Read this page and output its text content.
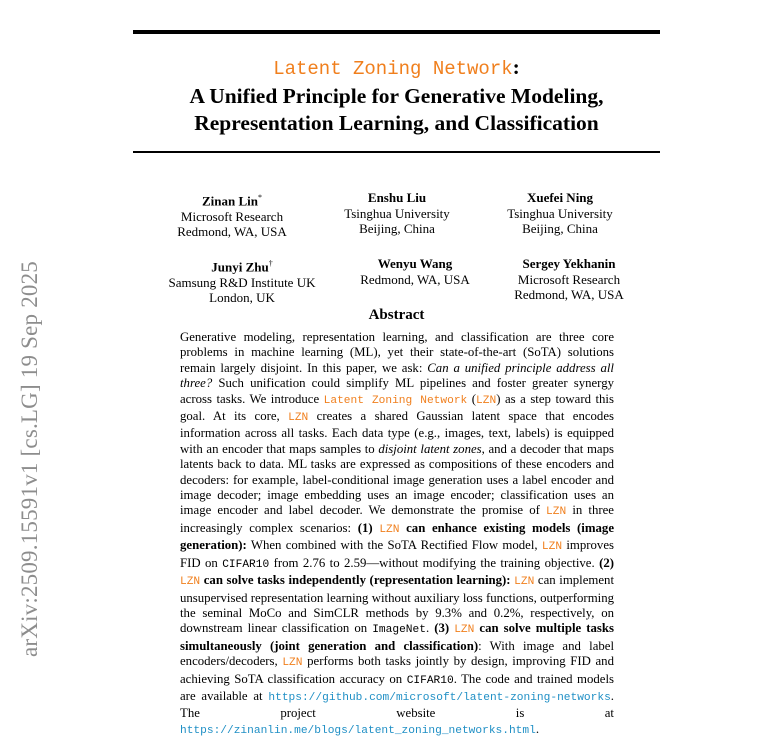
arXiv:2509.15591v1 [cs.LG] 19 Sep 2025
Latent Zoning Network:
A Unified Principle for Generative Modeling,
Representation Learning, and Classification
Zinan Lin*
Microsoft Research
Redmond, WA, USA
Enshu Liu
Tsinghua University
Beijing, China
Xuefei Ning
Tsinghua University
Beijing, China
Junyi Zhu†
Samsung R&D Institute UK
London, UK
Wenyu Wang
Redmond, WA, USA
Sergey Yekhanin
Microsoft Research
Redmond, WA, USA
Abstract
Generative modeling, representation learning, and classification are three core problems in machine learning (ML), yet their state-of-the-art (SoTA) solutions remain largely disjoint. In this paper, we ask: Can a unified principle address all three? Such unification could simplify ML pipelines and foster greater synergy across tasks. We introduce Latent Zoning Network (LZN) as a step toward this goal. At its core, LZN creates a shared Gaussian latent space that encodes information across all tasks. Each data type (e.g., images, text, labels) is equipped with an encoder that maps samples to disjoint latent zones, and a decoder that maps latents back to data. ML tasks are expressed as compositions of these encoders and decoders: for example, label-conditional image generation uses a label encoder and image decoder; image embedding uses an image encoder; classification uses an image encoder and label decoder. We demonstrate the promise of LZN in three increasingly complex scenarios: (1) LZN can enhance existing models (image generation): When combined with the SoTA Rectified Flow model, LZN improves FID on CIFAR10 from 2.76 to 2.59—without modifying the training objective. (2) LZN can solve tasks independently (representation learning): LZN can implement unsupervised representation learning without auxiliary loss functions, outperforming the seminal MoCo and SimCLR methods by 9.3% and 0.2%, respectively, on downstream linear classification on ImageNet. (3) LZN can solve multiple tasks simultaneously (joint generation and classification): With image and label encoders/decoders, LZN performs both tasks jointly by design, improving FID and achieving SoTA classification accuracy on CIFAR10. The code and trained models are available at https://github.com/microsoft/latent-zoning-networks. The project website is at https://zinanlin.me/blogs/latent_zoning_networks.html.
